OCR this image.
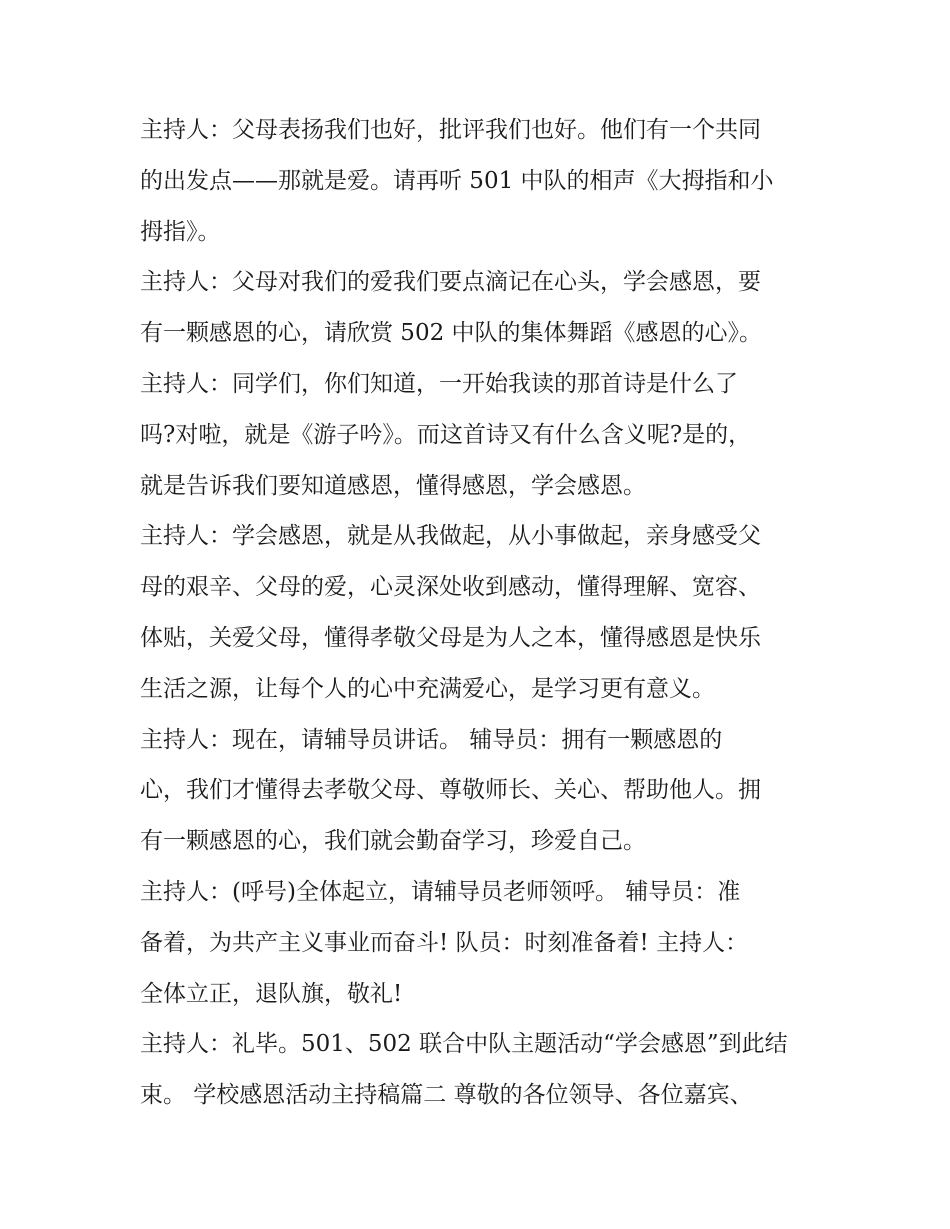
主持人：父母表扬我们也好，批评我们也好。他们有一个共同
的出发点——那就是爱。请再听 501 中队的相声《大拇指和小
拇指》。
主持人：父母对我们的爱我们要点滴记在心头，学会感恩，要
有一颗感恩的心，请欣赏 502 中队的集体舞蹈《感恩的心》。
主持人：同学们，你们知道，一开始我读的那首诗是什么了
吗?对啦，就是《游子吟》。而这首诗又有什么含义呢?是的，
就是告诉我们要知道感恩，懂得感恩，学会感恩。
主持人：学会感恩，就是从我做起，从小事做起，亲身感受父
母的艰辛、父母的爱，心灵深处收到感动，懂得理解、宽容、
体贴，关爱父母，懂得孝敬父母是为人之本，懂得感恩是快乐
生活之源，让每个人的心中充满爱心，是学习更有意义。
主持人：现在，请辅导员讲话。 辅导员：拥有一颗感恩的
心，我们才懂得去孝敬父母、尊敬师长、关心、帮助他人。拥
有一颗感恩的心，我们就会勤奋学习，珍爱自己。
主持人：(呼号)全体起立，请辅导员老师领呼。 辅导员：准
备着，为共产主义事业而奋斗! 队员：时刻准备着! 主持人：
全体立正，退队旗，敬礼!
主持人：礼毕。501、502 联合中队主题活动“学会感恩”到此结
束。 学校感恩活动主持稿篇二 尊敬的各位领导、各位嘉宾、
